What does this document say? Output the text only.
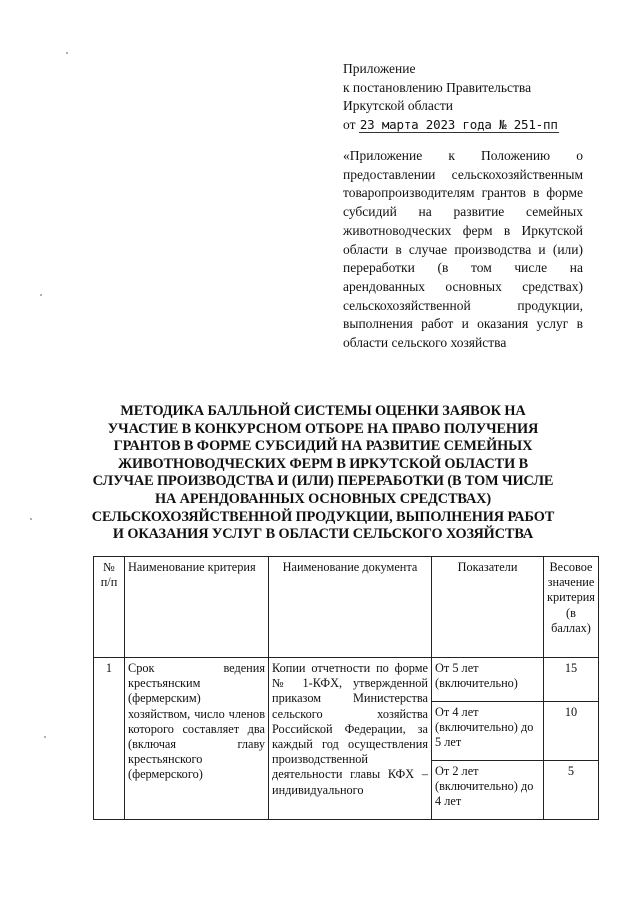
Приложение
к постановлению Правительства
Иркутской области
от 23 марта 2023 года № 251-пп

«Приложение к Положению о предоставлении сельскохозяйственным товаропроизводителям грантов в форме субсидий на развитие семейных животноводческих ферм в Иркутской области в случае производства и (или) переработки (в том числе на арендованных основных средствах) сельскохозяйственной продукции, выполнения работ и оказания услуг в области сельского хозяйства

МЕТОДИКА БАЛЛЬНОЙ СИСТЕМЫ ОЦЕНКИ ЗАЯВОК НА
УЧАСТИЕ В КОНКУРСНОМ ОТБОРЕ НА ПРАВО ПОЛУЧЕНИЯ
ГРАНТОВ В ФОРМЕ СУБСИДИЙ НА РАЗВИТИЕ СЕМЕЙНЫХ
ЖИВОТНОВОДЧЕСКИХ ФЕРМ В ИРКУТСКОЙ ОБЛАСТИ В
СЛУЧАЕ ПРОИЗВОДСТВА И (ИЛИ) ПЕРЕРАБОТКИ (В ТОМ ЧИСЛЕ
НА АРЕНДОВАННЫХ ОСНОВНЫХ СРЕДСТВАХ)
СЕЛЬСКОХОЗЯЙСТВЕННОЙ ПРОДУКЦИИ, ВЫПОЛНЕНИЯ РАБОТ
И ОКАЗАНИЯ УСЛУГ В ОБЛАСТИ СЕЛЬСКОГО ХОЗЯЙСТВА
№ п/п	Наименование критерия	Наименование документа	Показатели	Весовое значение критерия (в баллах)
1	Срок ведения крестьянским (фермерским) хозяйством, число членов которого составляет два (включая главу крестьянского (фермерского)	Копии отчетности по форме № 1-КФХ, утвержденной приказом Министерства сельского хозяйства Российской Федерации, за каждый год осуществления производственной деятельности главы КФХ – индивидуального	От 5 лет (включительно)	15
			От 4 лет (включительно) до 5 лет	10
			От 2 лет (включительно) до 4 лет	5
